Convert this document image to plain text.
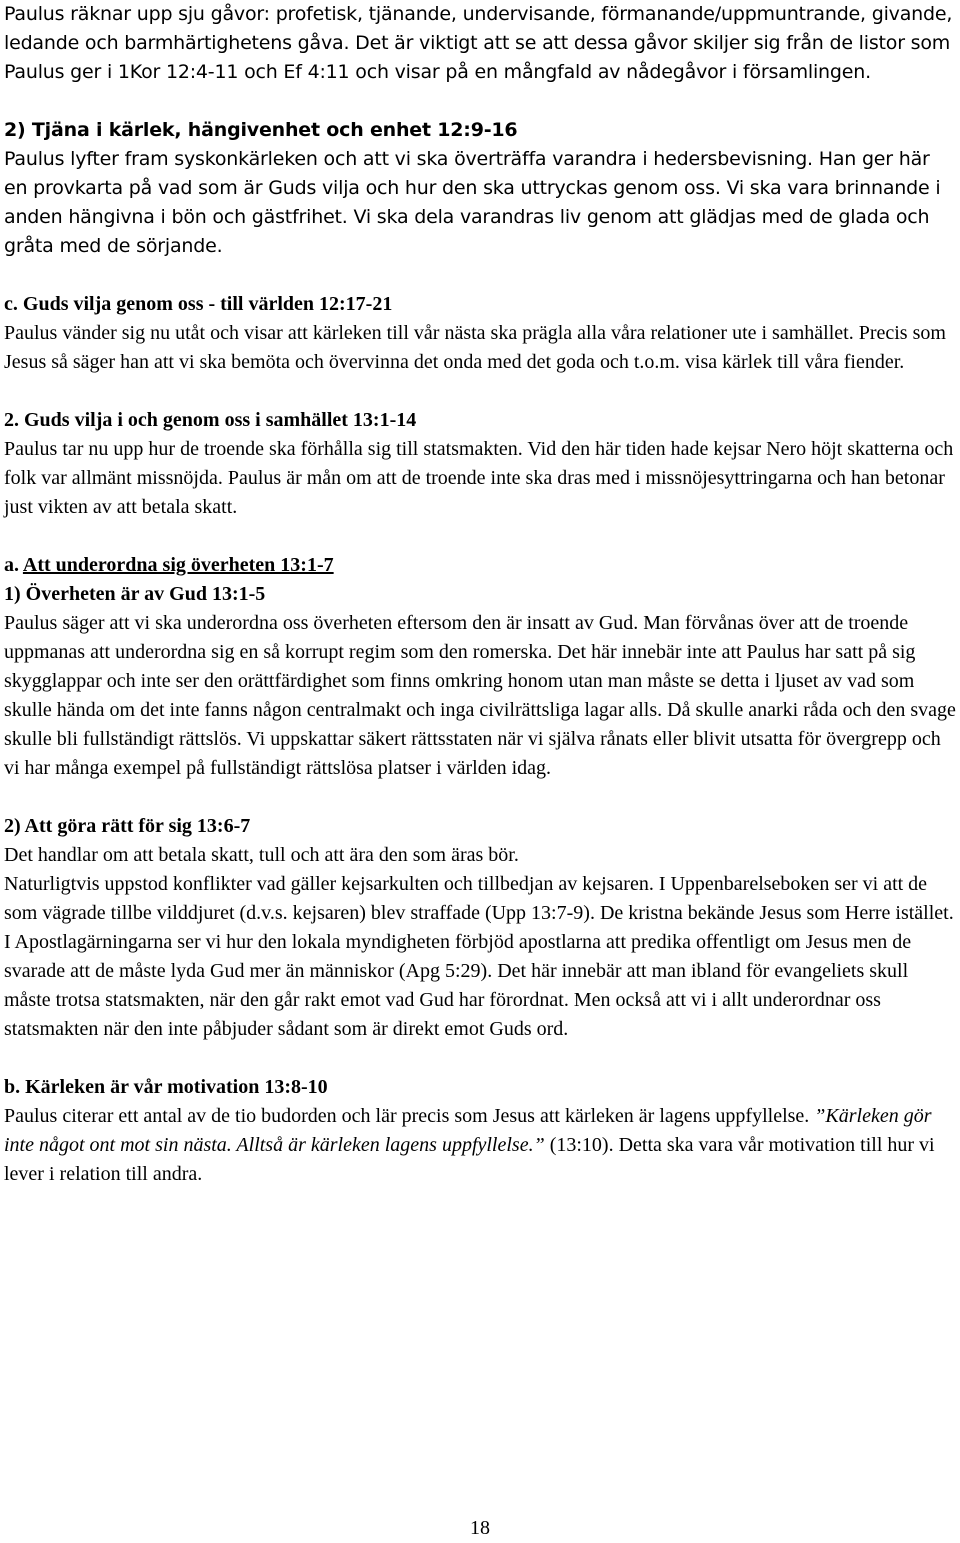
Paulus räknar upp sju gåvor: profetisk, tjänande, undervisande, förmanande/uppmuntrande, givande, ledande och barmhärtighetens gåva. Det är viktigt att se att dessa gåvor skiljer sig från de listor som Paulus ger i 1Kor 12:4-11 och Ef 4:11 och visar på en mångfald av nådegåvor i församlingen.
2) Tjäna i kärlek, hängivenhet och enhet 12:9-16
Paulus lyfter fram syskonkärleken och att vi ska överträffa varandra i hedersbevisning. Han ger här en provkarta på vad som är Guds vilja och hur den ska uttryckas genom oss. Vi ska vara brinnande i anden hängivna i bön och gästfrihet. Vi ska dela varandras liv genom att glädjas med de glada och gråta med de sörjande.
c. Guds vilja genom oss - till världen 12:17-21
Paulus vänder sig nu utåt och visar att kärleken till vår nästa ska prägla alla våra relationer ute i samhället. Precis som Jesus så säger han att vi ska bemöta och övervinna det onda med det goda och t.o.m. visa kärlek till våra fiender.
2. Guds vilja i och genom oss i samhället 13:1-14
Paulus tar nu upp hur de troende ska förhålla sig till statsmakten. Vid den här tiden hade kejsar Nero höjt skatterna och folk var allmänt missnöjda. Paulus är mån om att de troende inte ska dras med i missnöjesyttringarna och han betonar just vikten av att betala skatt.
a. Att underordna sig överheten 13:1-7
1) Överheten är av Gud 13:1-5
Paulus säger att vi ska underordna oss överheten eftersom den är insatt av Gud. Man förvånas över att de troende uppmanas att underordna sig en så korrupt regim som den romerska. Det här innebär inte att Paulus har satt på sig skygglappar och inte ser den orättfärdighet som finns omkring honom utan man måste se detta i ljuset av vad som skulle hända om det inte fanns någon centralmakt och inga civilrättsliga lagar alls. Då skulle anarki råda och den svage skulle bli fullständigt rättslös. Vi uppskattar säkert rättsstaten när vi själva rånats eller blivit utsatta för övergrepp och vi har många exempel på fullständigt rättslösa platser i världen idag.
2) Att göra rätt för sig 13:6-7
Det handlar om att betala skatt, tull och att ära den som äras bör.
Naturligtvis uppstod konflikter vad gäller kejsarkulten och tillbedjan av kejsaren. I Uppenbarelseboken ser vi att de som vägrade tillbe vilddjuret (d.v.s. kejsaren) blev straffade (Upp 13:7-9). De kristna bekände Jesus som Herre istället. I Apostlagärningarna ser vi hur den lokala myndigheten förbjöd apostlarna att predika offentligt om Jesus men de svarade att de måste lyda Gud mer än människor (Apg 5:29). Det här innebär att man ibland för evangeliets skull måste trotsa statsmakten, när den går rakt emot vad Gud har förordnat. Men också att vi i allt underordnar oss statsmakten när den inte påbjuder sådant som är direkt emot Guds ord.
b. Kärleken är vår motivation 13:8-10
Paulus citerar ett antal av de tio budorden och lär precis som Jesus att kärleken är lagens uppfyllelse. ”Kärleken gör inte något ont mot sin nästa. Alltså är kärleken lagens uppfyllelse.” (13:10). Detta ska vara vår motivation till hur vi lever i relation till andra.
18
